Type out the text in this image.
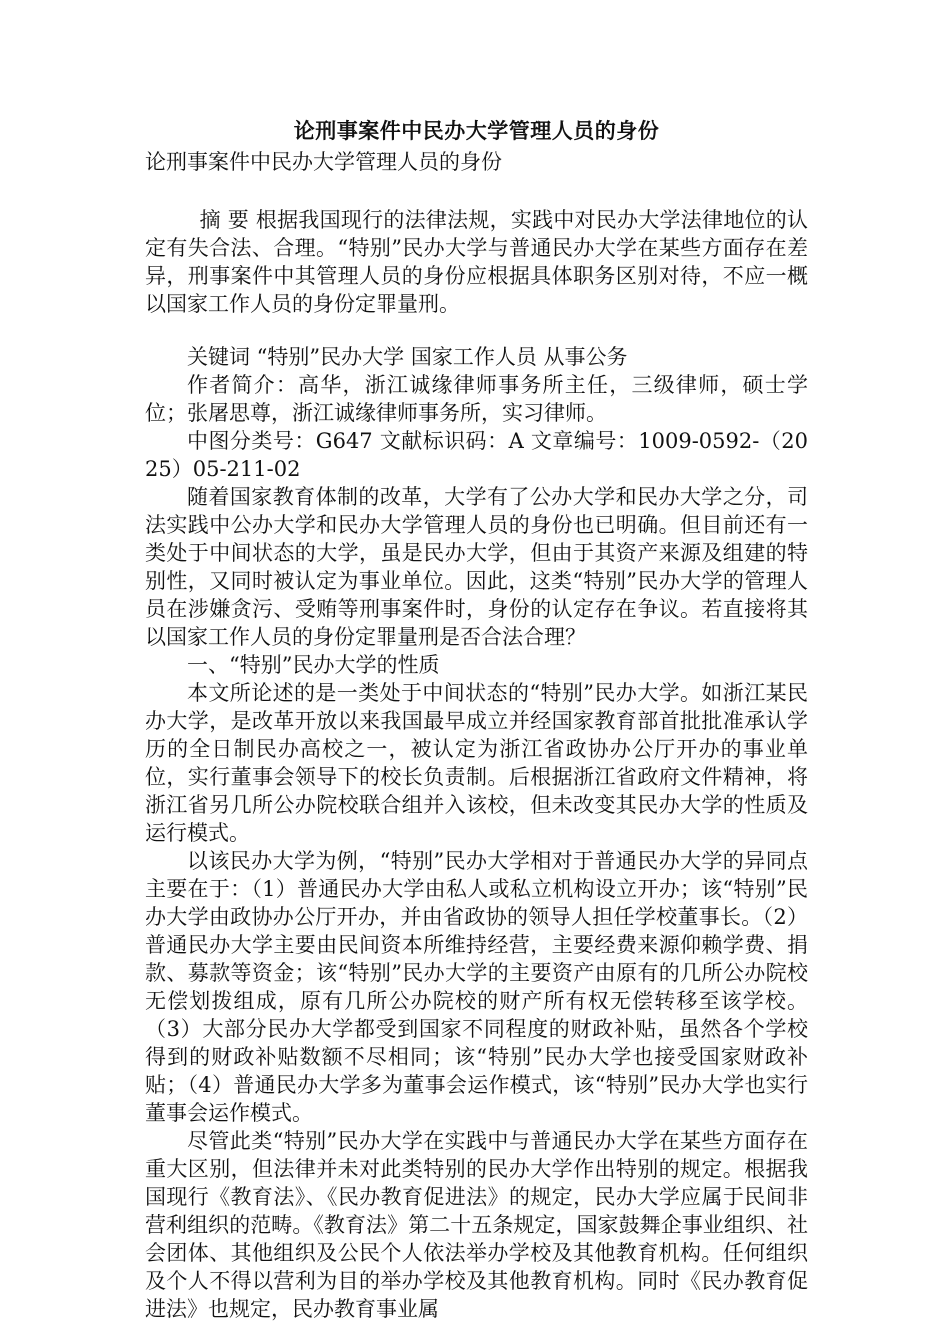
论刑事案件中民办大学管理人员的身份
论刑事案件中民办大学管理人员的身份

摘 要 根据我国现行的法律法规，实践中对民办大学法律地位的认定有失合法、合理。“特别”民办大学与普通民办大学在某些方面存在差异，刑事案件中其管理人员的身份应根据具体职务区别对待，不应一概以国家工作人员的身份定罪量刑。

关键词 “特别”民办大学 国家工作人员 从事公务

作者简介：高华，浙江诚缘律师事务所主任，三级律师，硕士学位；张屠思尊，浙江诚缘律师事务所，实习律师。

中图分类号：G647 文献标识码：A 文章编号：1009-0592-（2025）05-211-02

随着国家教育体制的改革，大学有了公办大学和民办大学之分，司法实践中公办大学和民办大学管理人员的身份也已明确。但目前还有一类处于中间状态的大学，虽是民办大学，但由于其资产来源及组建的特别性，又同时被认定为事业单位。因此，这类“特别”民办大学的管理人员在涉嫌贪污、受贿等刑事案件时，身份的认定存在争议。若直接将其以国家工作人员的身份定罪量刑是否合法合理？

一、“特别”民办大学的性质

本文所论述的是一类处于中间状态的“特别”民办大学。如浙江某民办大学，是改革开放以来我国最早成立并经国家教育部首批批准承认学历的全日制民办高校之一，被认定为浙江省政协办公厅开办的事业单位，实行董事会领导下的校长负责制。后根据浙江省政府文件精神，将浙江省另几所公办院校联合组并入该校，但未改变其民办大学的性质及运行模式。

以该民办大学为例，“特别”民办大学相对于普通民办大学的异同点主要在于：（1）普通民办大学由私人或私立机构设立开办；该“特别”民办大学由政协办公厅开办，并由省政协的领导人担任学校董事长。（2）普通民办大学主要由民间资本所维持经营，主要经费来源仰赖学费、捐款、募款等资金；该“特别”民办大学的主要资产由原有的几所公办院校无偿划拨组成，原有几所公办院校的财产所有权无偿转移至该学校。（3）大部分民办大学都受到国家不同程度的财政补贴，虽然各个学校得到的财政补贴数额不尽相同；该“特别”民办大学也接受国家财政补贴；（4）普通民办大学多为董事会运作模式，该“特别”民办大学也实行董事会运作模式。

尽管此类“特别”民办大学在实践中与普通民办大学在某些方面存在重大区别，但法律并未对此类特别的民办大学作出特别的规定。根据我国现行《教育法》、《民办教育促进法》的规定，民办大学应属于民间非营利组织的范畴。《教育法》第二十五条规定，国家鼓舞企事业组织、社会团体、其他组织及公民个人依法举办学校及其他教育机构。任何组织及个人不得以营利为目的举办学校及其他教育机构。同时《民办教育促进法》也规定，民办教育事业属
